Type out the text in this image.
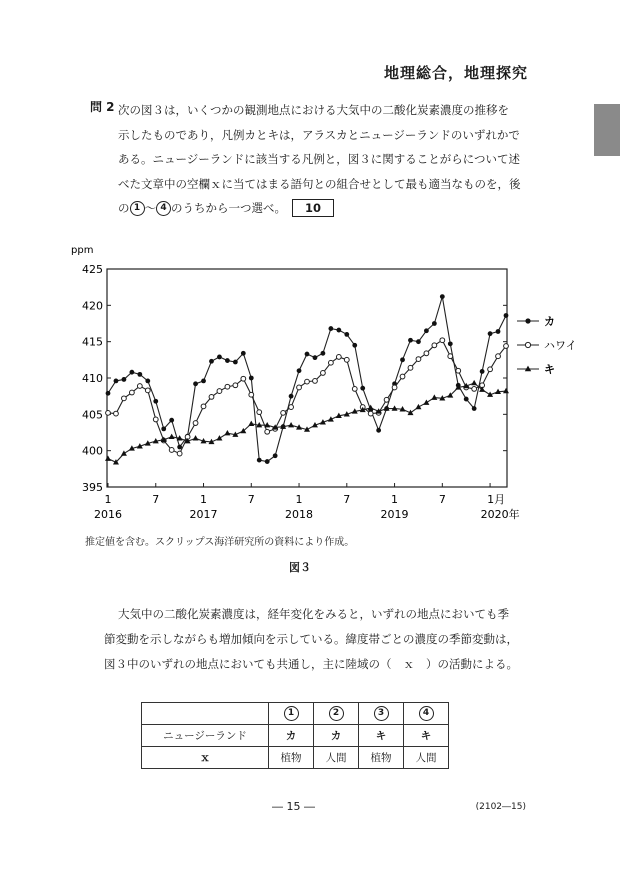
地理総合，地理探究
問 2 次の図３は，いくつかの観測地点における大気中の二酸化炭素濃度の推移を
示したものであり，凡例カとキは，アラスカとニュージーランドのいずれかで
ある。ニュージーランドに該当する凡例と，図３に関することがらについて述
べた文章中の空欄ｘに当てはまる語句との組合せとして最も適当なものを，後
の 1 ～ 4 のうちから一つ選べ。 10
ppm
425
420
415
410
405
400
395
1	7	1	7	1	7	1	7	1月
2016	2017	2018	2019	2020年
カ
ハワイ
キ
推定値を含む。スクリップス海洋研究所の資料により作成。
図３
大気中の二酸化炭素濃度は，経年変化をみると，いずれの地点においても季
節変動を示しながらも増加傾向を示している。緯度帯ごとの濃度の季節変動は，
図３中のいずれの地点においても共通し，主に陸域の（　ｘ　）の活動による。
	1	2	3	4
ニュージーランド	カ	カ	キ	キ
ｘ	植物	人間	植物	人間
― 15 ―	(2102―15)
